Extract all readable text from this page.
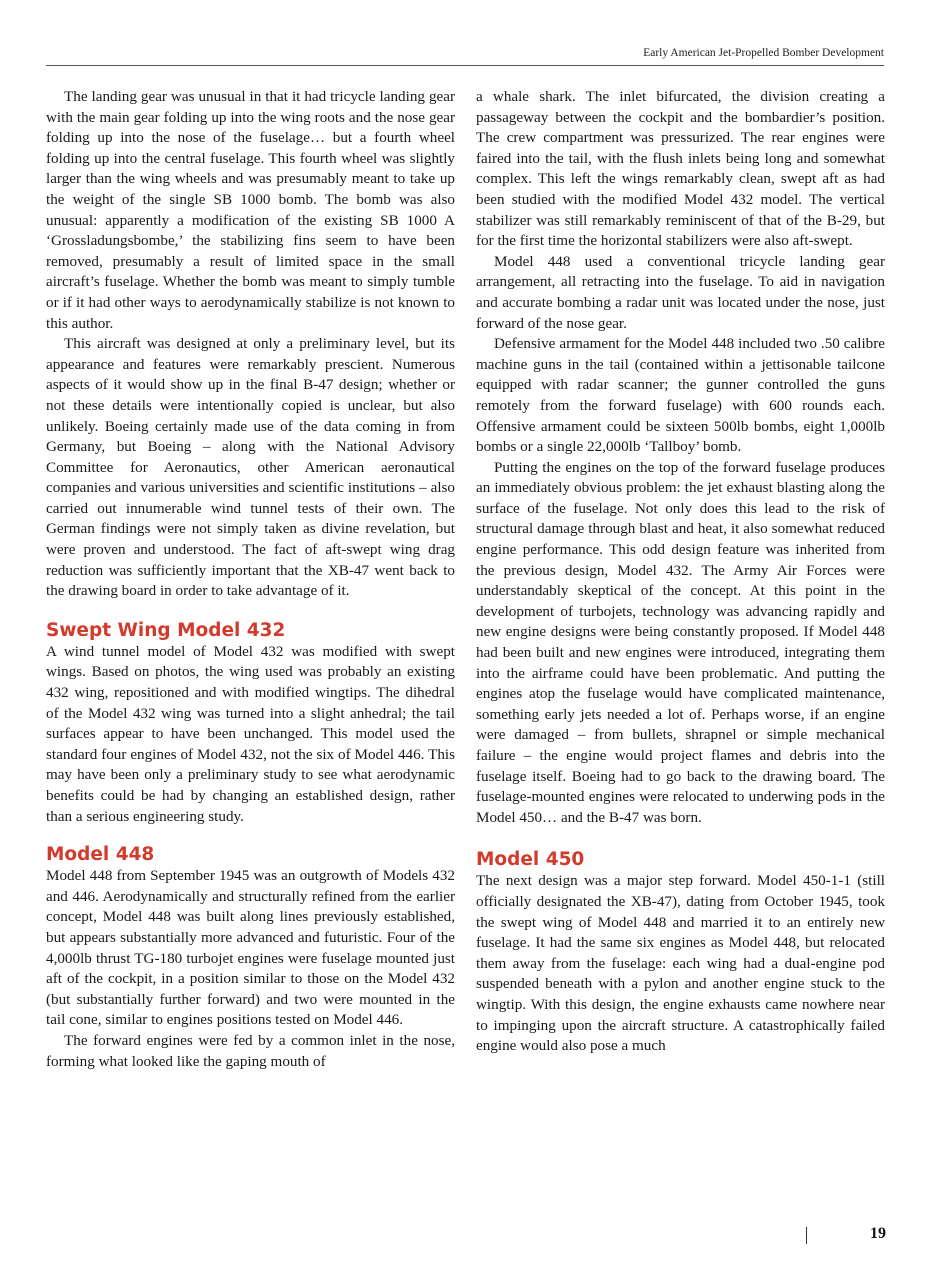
Early American Jet-Propelled Bomber Development

The landing gear was unusual in that it had tricycle landing gear with the main gear folding up into the wing roots and the nose gear folding up into the nose of the fuselage… but a fourth wheel folding up into the central fuselage. This fourth wheel was slightly larger than the wing wheels and was presumably meant to take up the weight of the single SB 1000 bomb. The bomb was also unusual: apparently a modification of the existing SB 1000 A ‘Grossladungsbombe,’ the stabilizing fins seem to have been removed, presumably a result of limited space in the small aircraft’s fuselage. Whether the bomb was meant to simply tumble or if it had other ways to aerodynamically stabilize is not known to this author.

This aircraft was designed at only a preliminary level, but its appearance and features were remarkably prescient. Numerous aspects of it would show up in the final B-47 design; whether or not these details were intentionally copied is unclear, but also unlikely. Boeing certainly made use of the data coming in from Germany, but Boeing – along with the National Advisory Committee for Aeronautics, other American aeronautical companies and various universities and scientific institutions – also carried out innumerable wind tunnel tests of their own. The German findings were not simply taken as divine revelation, but were proven and understood. The fact of aft-swept wing drag reduction was sufficiently important that the XB-47 went back to the drawing board in order to take advantage of it.

Swept Wing Model 432

A wind tunnel model of Model 432 was modified with swept wings. Based on photos, the wing used was probably an existing 432 wing, repositioned and with modified wingtips. The dihedral of the Model 432 wing was turned into a slight anhedral; the tail surfaces appear to have been unchanged. This model used the standard four engines of Model 432, not the six of Model 446. This may have been only a preliminary study to see what aerodynamic benefits could be had by changing an established design, rather than a serious engineering study.

Model 448

Model 448 from September 1945 was an outgrowth of Models 432 and 446. Aerodynamically and structurally refined from the earlier concept, Model 448 was built along lines previously established, but appears substantially more advanced and futuristic. Four of the 4,000lb thrust TG-180 turbojet engines were fuselage mounted just aft of the cockpit, in a position similar to those on the Model 432 (but substantially further forward) and two were mounted in the tail cone, similar to engines positions tested on Model 446.

The forward engines were fed by a common inlet in the nose, forming what looked like the gaping mouth of

a whale shark. The inlet bifurcated, the division creating a passageway between the cockpit and the bombardier’s position. The crew compartment was pressurized. The rear engines were faired into the tail, with the flush inlets being long and somewhat complex. This left the wings remarkably clean, swept aft as had been studied with the modified Model 432 model. The vertical stabilizer was still remarkably reminiscent of that of the B-29, but for the first time the horizontal stabilizers were also aft-swept.

Model 448 used a conventional tricycle landing gear arrangement, all retracting into the fuselage. To aid in navigation and accurate bombing a radar unit was located under the nose, just forward of the nose gear.

Defensive armament for the Model 448 included two .50 calibre machine guns in the tail (contained within a jettisonable tailcone equipped with radar scanner; the gunner controlled the guns remotely from the forward fuselage) with 600 rounds each. Offensive armament could be sixteen 500lb bombs, eight 1,000lb bombs or a single 22,000lb ‘Tallboy’ bomb.

Putting the engines on the top of the forward fuselage produces an immediately obvious problem: the jet exhaust blasting along the surface of the fuselage. Not only does this lead to the risk of structural damage through blast and heat, it also somewhat reduced engine performance. This odd design feature was inherited from the previous design, Model 432. The Army Air Forces were understandably skeptical of the concept. At this point in the development of turbojets, technology was advancing rapidly and new engine designs were being constantly proposed. If Model 448 had been built and new engines were introduced, integrating them into the airframe could have been problematic. And putting the engines atop the fuselage would have complicated maintenance, something early jets needed a lot of. Perhaps worse, if an engine were damaged – from bullets, shrapnel or simple mechanical failure – the engine would project flames and debris into the fuselage itself. Boeing had to go back to the drawing board. The fuselage-mounted engines were relocated to underwing pods in the Model 450… and the B-47 was born.

Model 450

The next design was a major step forward. Model 450-1-1 (still officially designated the XB-47), dating from October 1945, took the swept wing of Model 448 and married it to an entirely new fuselage. It had the same six engines as Model 448, but relocated them away from the fuselage: each wing had a dual-engine pod suspended beneath with a pylon and another engine stuck to the wingtip. With this design, the engine exhausts came nowhere near to impinging upon the aircraft structure. A catastrophically failed engine would also pose a much

19
